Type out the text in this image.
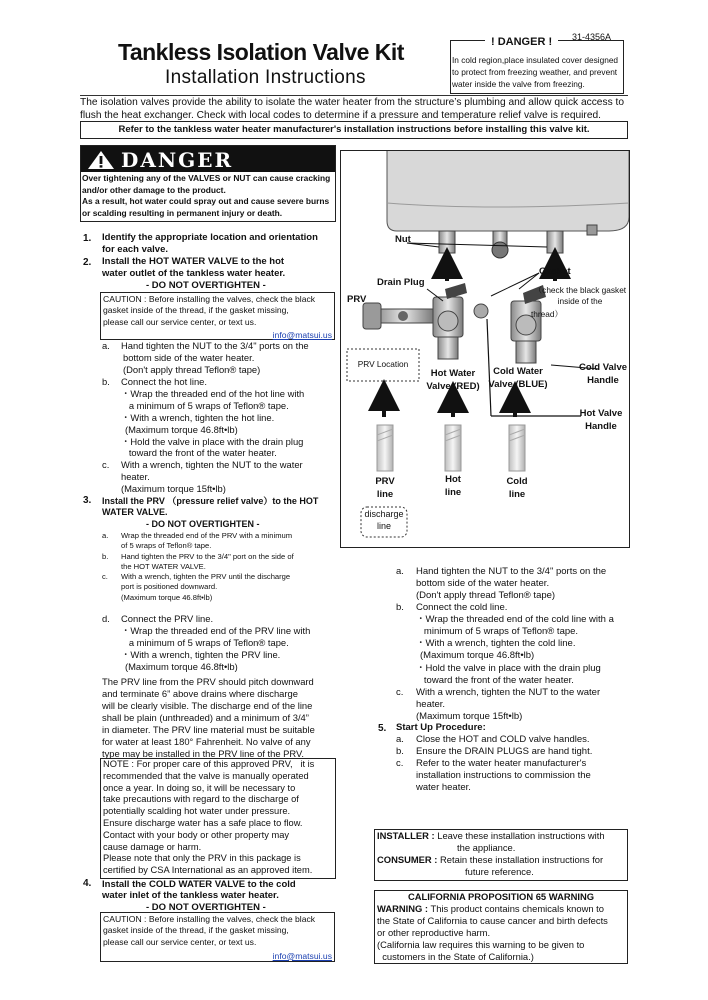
Tankless Isolation Valve Kit
Installation Instructions
31-4356A
! DANGER !
In cold region,place insulated cover designed
to protect from freezing weather, and prevent
water inside the valve from freezing.
The isolation valves provide the ability to isolate the water heater from the structure’s plumbing and allow quick access to flush the heat exchanger. Check with local codes to determine if a pressure and temperature relief valve is required.
Refer to the tankless water heater manufacturer's installation instructions before installing this valve kit.
DANGER
Over tightening any of the VALVES or NUT can cause cracking
and/or other damage to the product.
As a result, hot water could spray out and cause severe burns
or scalding resulting in permanent injury or death.
1. Identify the appropriate location and orientation
for each valve.
2. Install the HOT WATER VALVE to the hot
water outlet of the tankless water heater.
- DO NOT OVERTIGHTEN -
CAUTION : Before installing the valves, check the black
gasket inside of the thread, if the gasket missing,
please call our service center, or text us.
info@matsui.us
a. Hand tighten the NUT to the 3/4" ports on the
bottom side of the water heater.
(Don't apply thread Teflon® tape)
b. Connect the hot line.
・Wrap the threaded end of the hot line with
a minimum of 5 wraps of Teflon® tape.
・With a wrench, tighten the hot line.
(Maximum torque 46.8ft•lb)
・Hold the valve in place with the drain plug
toward the front of the water heater.
c. With a wrench, tighten the NUT to the water
heater.
(Maximum torque 15ft•lb)
3. Install the PRV （pressure relief valve）to the HOT
WATER VALVE.
- DO NOT OVERTIGHTEN -
a. Wrap the threaded end of the PRV with a minimum
of 5 wraps of Teflon® tape.
b. Hand tighten the PRV to the 3/4" port on the side of
the HOT WATER VALVE.
c. With a wrench, tighten the PRV until the discharge
port is positioned downward.
(Maximum torque 46.8ft•lb)
d. Connect the PRV line.
・Wrap the threaded end of the PRV line with
a minimum of 5 wraps of Teflon® tape.
・With a wrench, tighten the PRV line.
(Maximum torque 46.8ft•lb)
The PRV line from the PRV should pitch downward
and terminate 6” above drains where discharge
will be clearly visible. The discharge end of the line
shall be plain (unthreaded) and a minimum of 3/4”
in diameter. The PRV line material must be suitable
for water at least 180° Fahrenheit. No valve of any
type may be installed in the PRV line of the PRV.
NOTE : For proper care of this approved PRV,   it is
recommended that the valve is manually operated
once a year. In doing so, it will be necessary to
take precautions with regard to the discharge of
potentially scalding hot water under pressure.
Ensure discharge water has a safe place to flow.
Contact with your body or other property may
cause damage or harm.
Please note that only the PRV in this package is
certified by CSA International as an approved item.
4. Install the COLD WATER VALVE to the cold
water inlet of the tankless water heater.
- DO NOT OVERTIGHTEN -
CAUTION : Before installing the valves, check the black
gasket inside of the thread, if the gasket missing,
please call our service center, or text us.
info@matsui.us
Nut
Drain Plug
Gasket
（check the black gasket
inside of the
thread）
PRV
PRV Location
Hot Water
Valve (RED)
Cold Water
Valve (BLUE)
Cold Valve
Handle
Hot Valve
Handle
PRV
line
Hot
line
Cold
line
discharge
line
a. Hand tighten the NUT to the 3/4" ports on the
bottom side of the water heater.
(Don't apply thread Teflon® tape)
b. Connect the cold line.
・Wrap the threaded end of the cold line with a
minimum of 5 wraps of Teflon® tape.
・With a wrench, tighten the cold line.
(Maximum torque 46.8ft•lb)
・Hold the valve in place with the drain plug
toward the front of the water heater.
c. With a wrench, tighten the NUT to the water
heater.
(Maximum torque 15ft•lb)
5. Start Up Procedure:
a. Close the HOT and COLD valve handles.
b. Ensure the DRAIN PLUGS are hand tight.
c. Refer to the water heater manufacturer's
installation instructions to commission the
water heater.
INSTALLER : Leave these installation instructions with
the appliance.
CONSUMER : Retain these installation instructions for
future reference.
CALIFORNIA PROPOSITION 65 WARNING
WARNING : This product contains chemicals known to
the State of California to cause cancer and birth defects
or other reproductive harm.
(California law requires this warning to be given to
customers in the State of California.)
